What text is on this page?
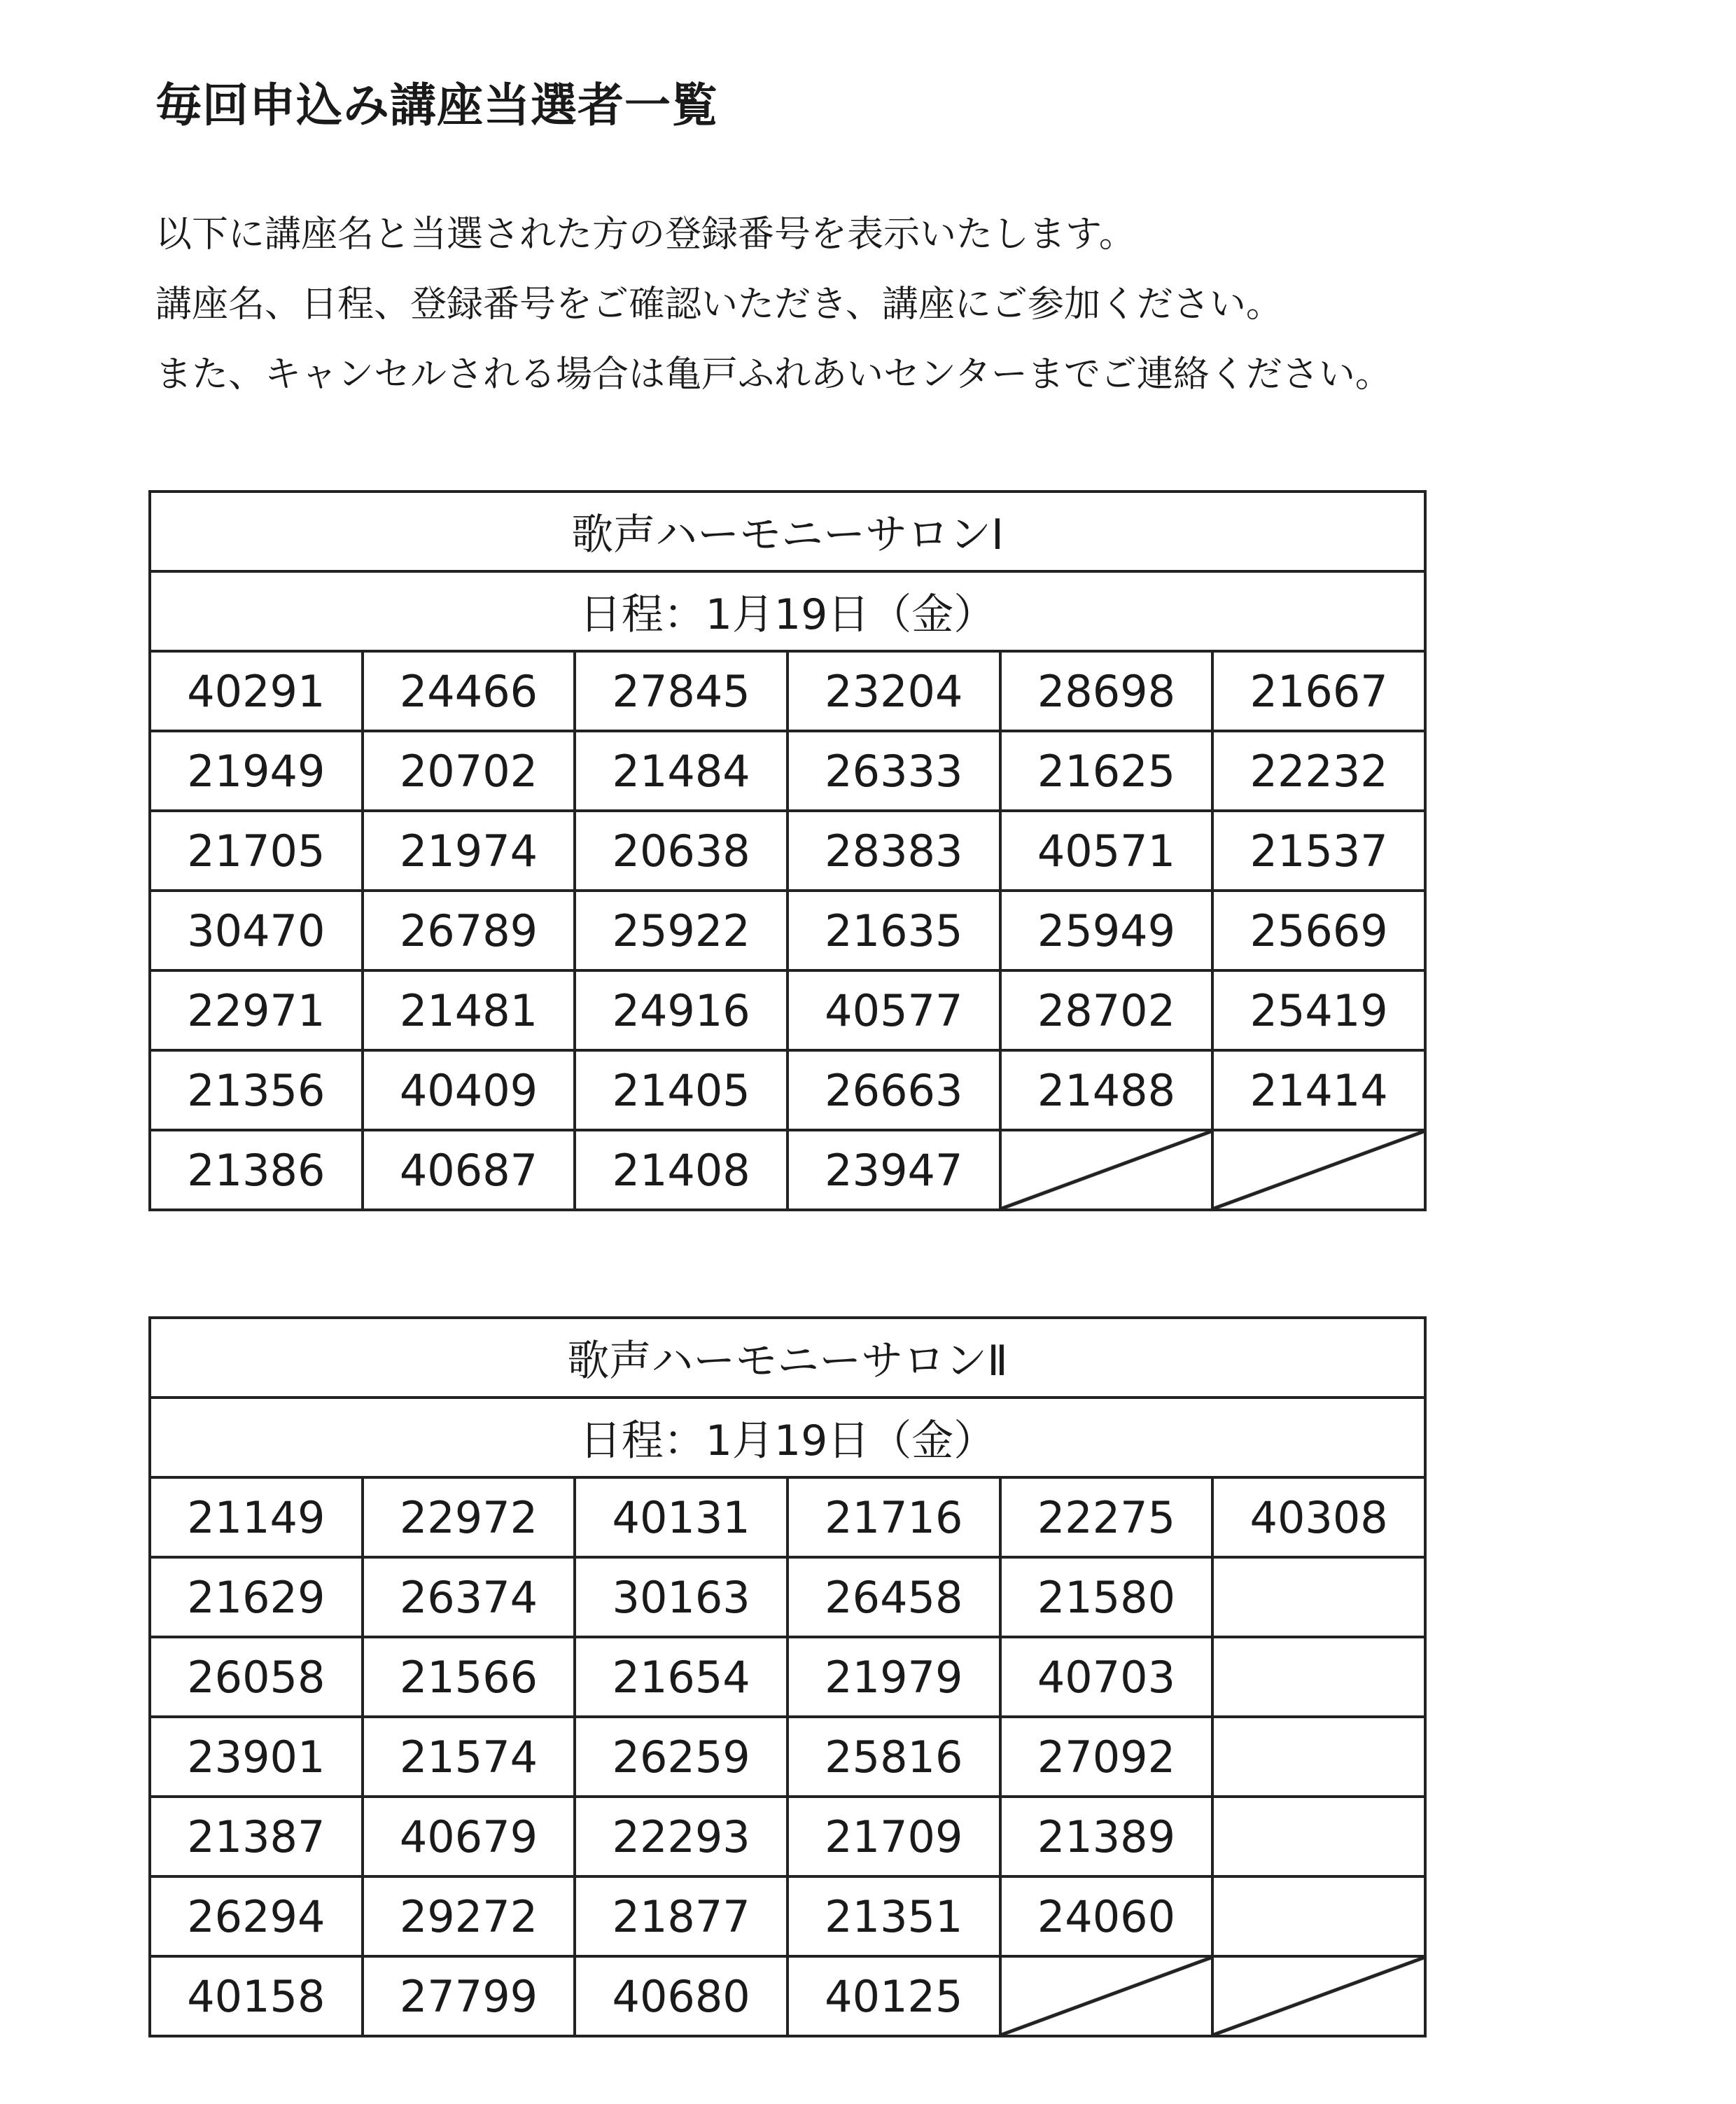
毎回申込み講座当選者一覧

以下に講座名と当選された方の登録番号を表示いたします。

講座名、日程、登録番号をご確認いただき、講座にご参加ください。

また、キャンセルされる場合は亀戸ふれあいセンターまでご連絡ください。

歌声ハーモニーサロンⅠ					
日程：1月19日（金）					
40291	24466	27845	23204	28698	21667
21949	20702	21484	26333	21625	22232
21705	21974	20638	28383	40571	21537
30470	26789	25922	21635	25949	25669
22971	21481	24916	40577	28702	25419
21356	40409	21405	26663	21488	21414
21386	40687	21408	23947		
歌声ハーモニーサロンⅡ					
日程：1月19日（金）					
21149	22972	40131	21716	22275	40308
21629	26374	30163	26458	21580	
26058	21566	21654	21979	40703	
23901	21574	26259	25816	27092	
21387	40679	22293	21709	21389	
26294	29272	21877	21351	24060	
40158	27799	40680	40125		
